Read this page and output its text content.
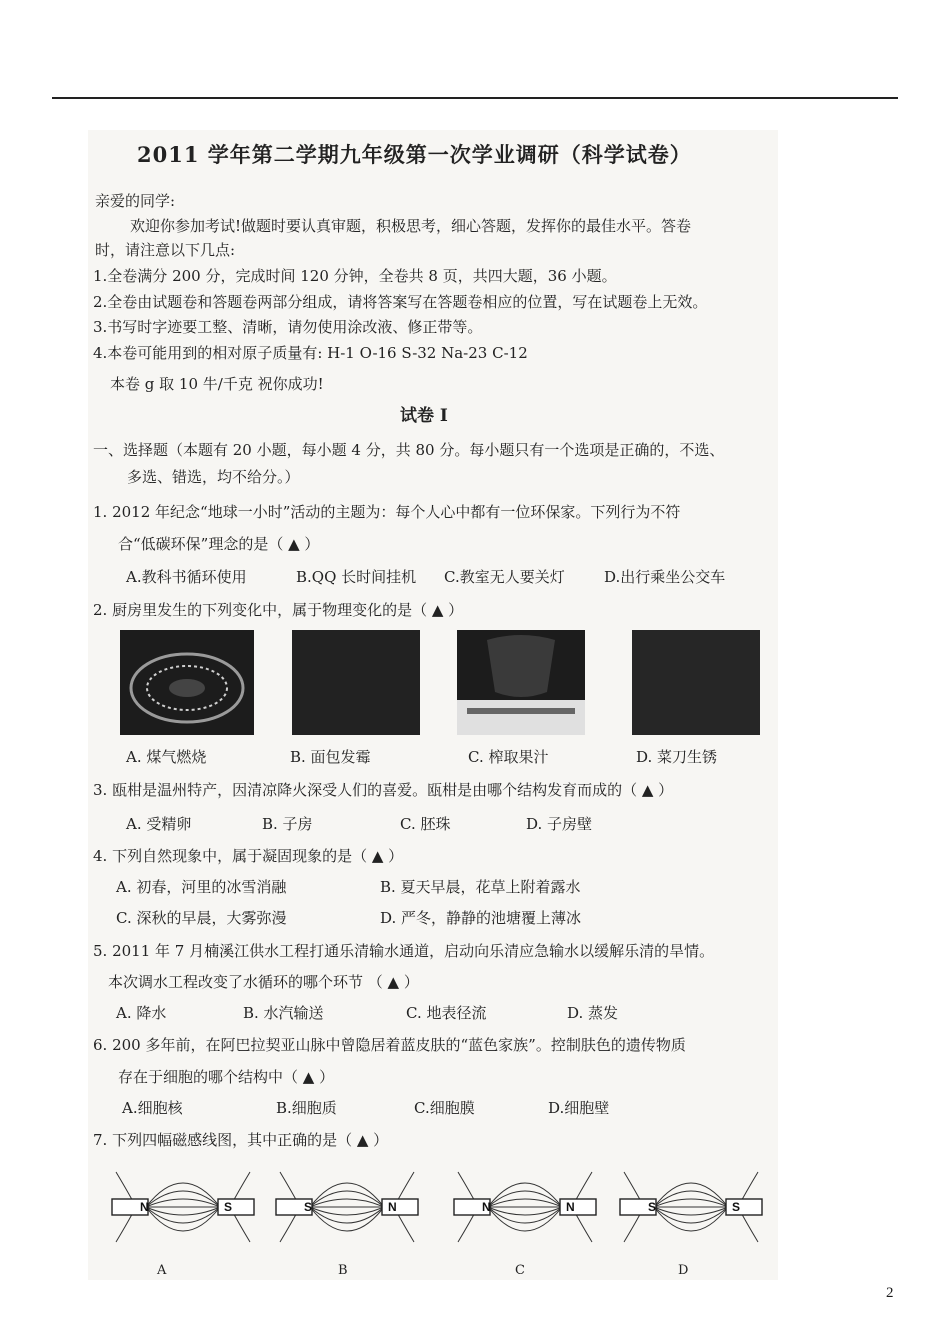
2011 学年第二学期九年级第一次学业调研（科学试卷）
亲爱的同学:
欢迎你参加考试!做题时要认真审题，积极思考，细心答题，发挥你的最佳水平。答卷
时，请注意以下几点:
1.全卷满分 200 分，完成时间 120 分钟，全卷共 8 页，共四大题，36 小题。
2.全卷由试题卷和答题卷两部分组成，请将答案写在答题卷相应的位置，写在试题卷上无效。
3.书写时字迹要工整、清晰，请勿使用涂改液、修正带等。
4.本卷可能用到的相对原子质量有: H-1 O-16 S-32 Na-23 C-12
本卷 g 取 10 牛/千克 祝你成功!
试卷 I
一、选择题（本题有 20 小题，每小题 4 分，共 80 分。每小题只有一个选项是正确的，不选、
多选、错选，均不给分。）
1. 2012 年纪念“地球一小时”活动的主题为：每个人心中都有一位环保家。下列行为不符
合“低碳环保”理念的是（ ▲ ）
A.教科书循环使用	B.QQ 长时间挂机 C.教室无人要关灯	D.出行乘坐公交车
2. 厨房里发生的下列变化中，属于物理变化的是（ ▲ ）
A. 煤气燃烧	B. 面包发霉	C. 榨取果汁	D. 菜刀生锈
3. 瓯柑是温州特产，因清凉降火深受人们的喜爱。瓯柑是由哪个结构发育而成的（ ▲ ）
A. 受精卵	B. 子房	C. 胚珠	D. 子房壁
4. 下列自然现象中，属于凝固现象的是（ ▲ ）
A. 初春，河里的冰雪消融	B. 夏天早晨，花草上附着露水
C. 深秋的早晨，大雾弥漫	D. 严冬，静静的池塘覆上薄冰
5. 2011 年 7 月楠溪江供水工程打通乐清输水通道，启动向乐清应急输水以缓解乐清的旱情。
本次调水工程改变了水循环的哪个环节 （ ▲ ）
A. 降水	B. 水汽输送	C. 地表径流	D. 蒸发
6. 200 多年前，在阿巴拉契亚山脉中曾隐居着蓝皮肤的“蓝色家族”。控制肤色的遗传物质
存在于细胞的哪个结构中（ ▲ ）
A.细胞核	B.细胞质	C.细胞膜	D.细胞壁
7. 下列四幅磁感线图，其中正确的是（ ▲ ）
N	S	S	N	N	N	S	S
A	B	C	D
2
